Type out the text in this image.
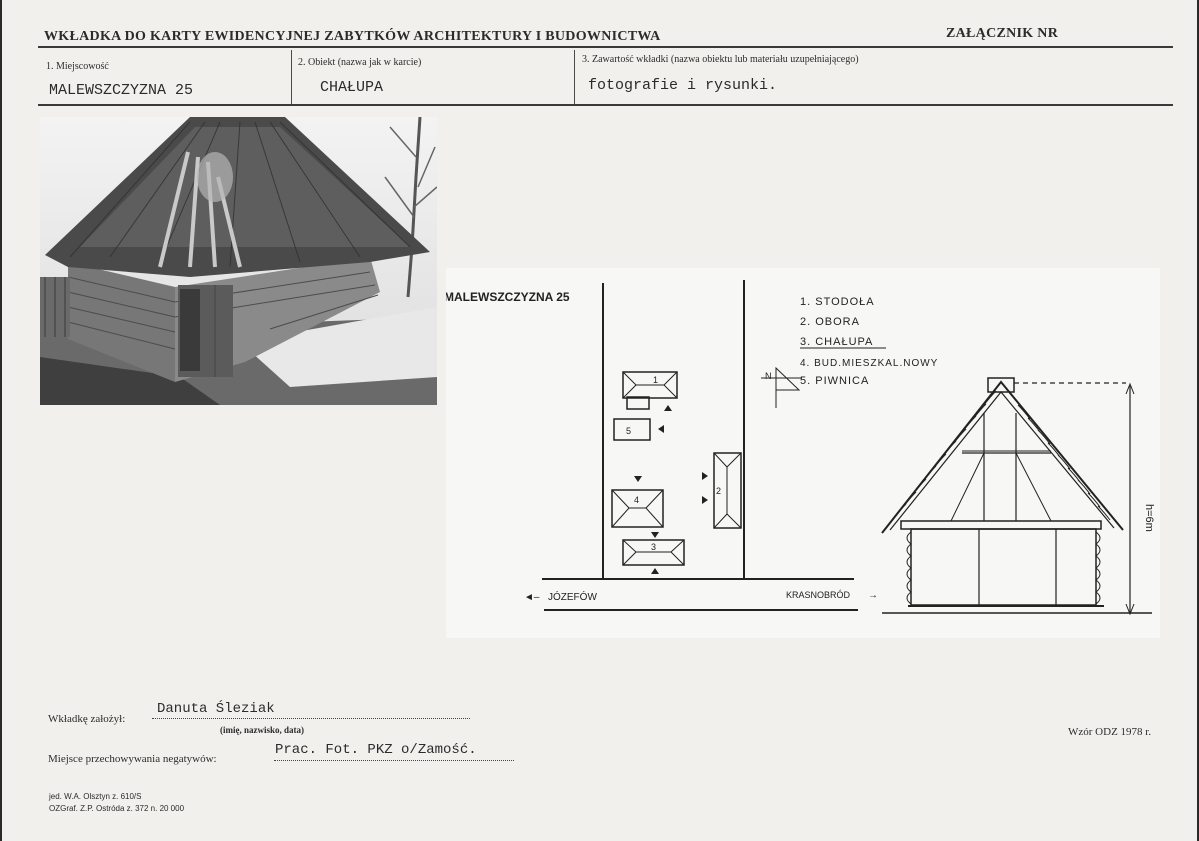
WKŁADKA DO KARTY EWIDENCYJNEJ ZABYTKÓW ARCHITEKTURY I BUDOWNICTWA	ZAŁĄCZNIK NR
1. Miejscowość
MALEWSZCZYZNA 25
2. Obiekt (nazwa jak w karcie)
CHAŁUPA
3. Zawartość wkładki (nazwa obiektu lub materiału uzupełniającego)
fotografie i rysunki.
MALEWSZCZYZNA 25
◄– JÓZEFÓW	KRASNOBRÓD →
1
5
2
4
3
N
1. STODOŁA
2. OBORA
3. CHAŁUPA
4. BUD.MIESZKAL.NOWY
5. PIWNICA
h=6m
Wkładkę założył:
Danuta Śleziak
(imię, nazwisko, data)
Miejsce przechowywania negatywów:
Prac. Fot. PKZ o/Zamość.
Wzór ODZ 1978 r.
jed. W.A. Olsztyn z. 610/S
OZGraf. Z.P. Ostróda z. 372 n. 20 000
